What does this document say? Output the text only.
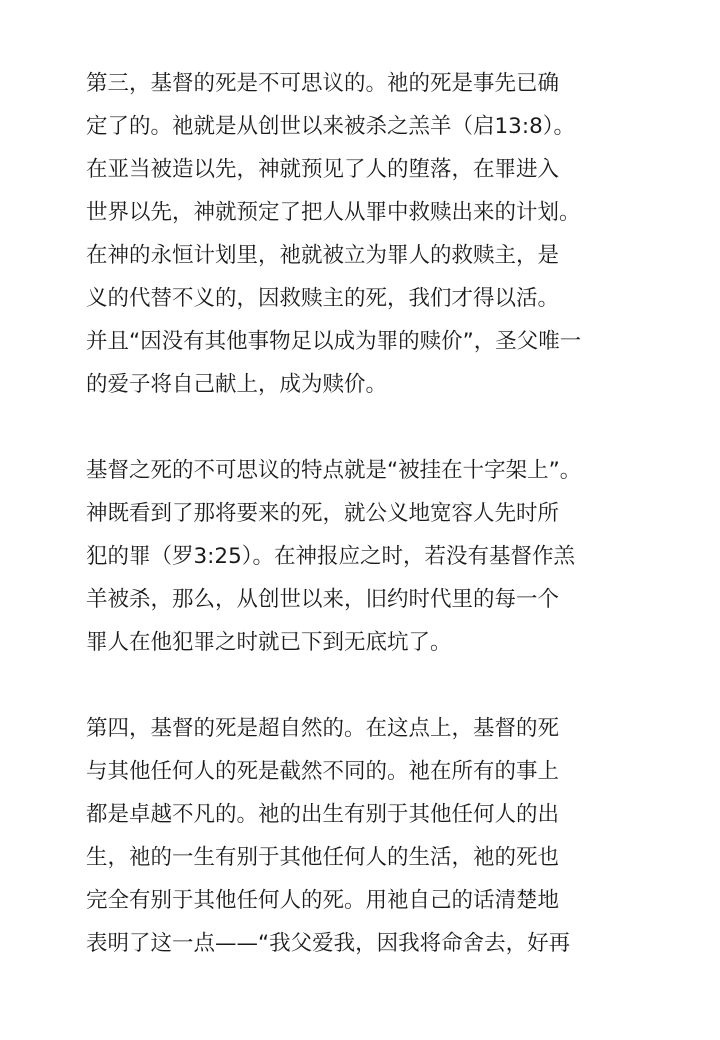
第三，基督的死是不可思议的。祂的死是事先已确
定了的。祂就是从创世以来被杀之羔羊（启13:8）。
在亚当被造以先，神就预见了人的堕落，在罪进入
世界以先，神就预定了把人从罪中救赎出来的计划。
在神的永恒计划里，祂就被立为罪人的救赎主，是
义的代替不义的，因救赎主的死，我们才得以活。
并且“因没有其他事物足以成为罪的赎价”，圣父唯一
的爱子将自己献上，成为赎价。
基督之死的不可思议的特点就是“被挂在十字架上”。
神既看到了那将要来的死，就公义地宽容人先时所
犯的罪（罗3:25）。在神报应之时，若没有基督作羔
羊被杀，那么，从创世以来，旧约时代里的每一个
罪人在他犯罪之时就已下到无底坑了。
第四，基督的死是超自然的。在这点上，基督的死
与其他任何人的死是截然不同的。祂在所有的事上
都是卓越不凡的。祂的出生有别于其他任何人的出
生，祂的一生有别于其他任何人的生活，祂的死也
完全有别于其他任何人的死。用祂自己的话清楚地
表明了这一点——“我父爱我，因我将命舍去，好再
